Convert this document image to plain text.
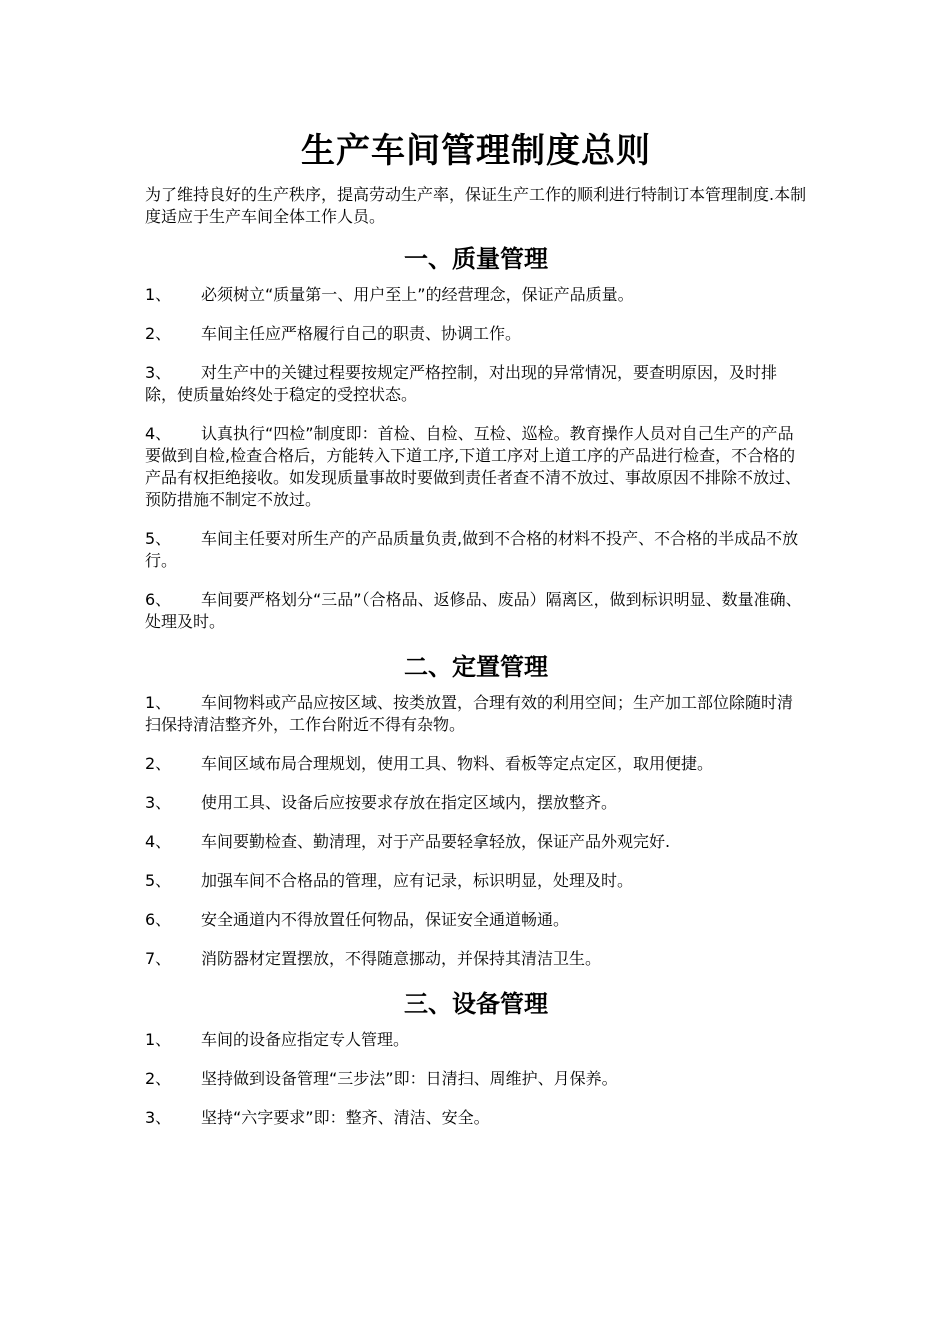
生产车间管理制度总则

为了维持良好的生产秩序，提高劳动生产率，保证生产工作的顺利进行特制订本管理制度.本制度适应于生产车间全体工作人员。

一、质量管理

1、 必须树立“质量第一、用户至上”的经营理念，保证产品质量。

2、 车间主任应严格履行自己的职责、协调工作。

3、 对生产中的关键过程要按规定严格控制，对出现的异常情况，要查明原因，及时排除，使质量始终处于稳定的受控状态。

4、 认真执行“四检”制度即：首检、自检、互检、巡检。教育操作人员对自己生产的产品要做到自检,检查合格后，方能转入下道工序,下道工序对上道工序的产品进行检查，不合格的产品有权拒绝接收。如发现质量事故时要做到责任者查不清不放过、事故原因不排除不放过、预防措施不制定不放过。

5、 车间主任要对所生产的产品质量负责,做到不合格的材料不投产、不合格的半成品不放行。

6、 车间要严格划分“三品”（合格品、返修品、废品）隔离区，做到标识明显、数量准确、处理及时。

二、定置管理

1、 车间物料或产品应按区域、按类放置，合理有效的利用空间；生产加工部位除随时清扫保持清洁整齐外，工作台附近不得有杂物。

2、 车间区域布局合理规划，使用工具、物料、看板等定点定区，取用便捷。

3、 使用工具、设备后应按要求存放在指定区域内，摆放整齐。

4、 车间要勤检查、勤清理，对于产品要轻拿轻放，保证产品外观完好.

5、 加强车间不合格品的管理，应有记录，标识明显，处理及时。

6、 安全通道内不得放置任何物品，保证安全通道畅通。

7、 消防器材定置摆放，不得随意挪动，并保持其清洁卫生。

三、设备管理

1、 车间的设备应指定专人管理。

2、 坚持做到设备管理“三步法”即：日清扫、周维护、月保养。

3、 坚持“六字要求”即：整齐、清洁、安全。
